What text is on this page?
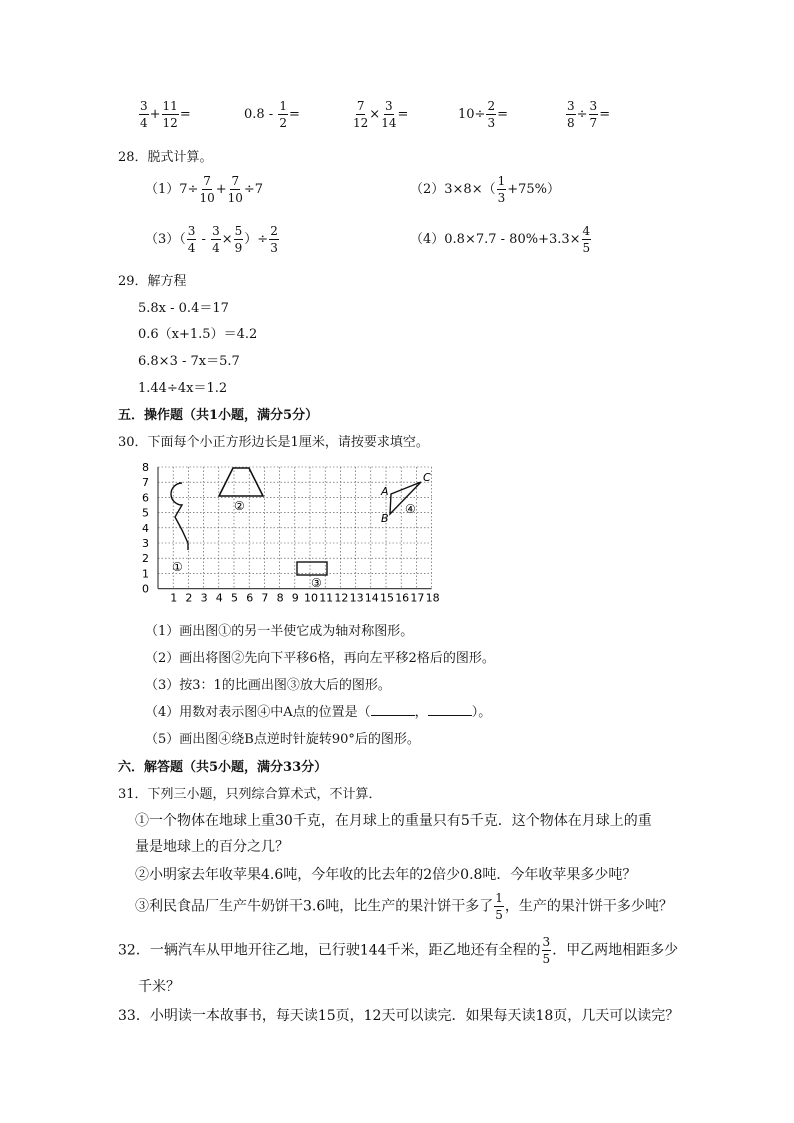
$\frac{3}{4} + \frac{11}{12}$ =	$0.8 - \frac{1}{2}$ =	$\frac{7}{12} \times \frac{3}{14}$ =	$10\div \frac{2}{3}$ =	$\frac{3}{8} \div \frac{3}{7}$ =
28．脱式计算。
$(1)7\div \frac{7}{10} + \frac{7}{10} \div 7$	$(2)3\times 8\times( \frac{1}{3} +75\%)$
$(3)( \frac{3}{4} - \frac{3}{4} \times \frac{5}{9}$ ）÷ $\frac{2}{3}$	$(4)0.8\times 7.7 - 80\%+3.3\times \frac{4}{5}$
29．解方程
5.8x - 0.4＝17
0.6（x+1.5）＝4.2
6.8×3 - 7x＝5.7
1.44÷4x＝1.2
五．操作题（共1小题，满分5分）
30．下面每个小正方形边长是1厘米，请按要求填空。
0
1
2
3
4
5
6
7
8
1 2 3 4 5 6 7 8 9 10 11 12 13 14 15 16 17 18
①
②
③
A
B
C
④
（1）画出图①的另一半使它成为轴对称图形。
（2）画出将图②先向下平移6格，再向左平移2格后的图形。
（3）按3：1的比画出图③放大后的图形。
（4）用数对表示图④中A点的位置是（	，	）。
（5）画出图④绕B点逆时针旋转90°后的图形。
六．解答题（共5小题，满分33分）
31．下列三小题，只列综合算术式，不计算．
①一个物体在地球上重30千克，在月球上的重量只有5千克．这个物体在月球上的重
量是地球上的百分之几？
②小明家去年收苹果4.6吨，今年收的比去年的2倍少0.8吨．今年收苹果多少吨？
③利民食品厂生产牛奶饼干3.6吨，比生产的果汁饼干多了 $\frac{1}{5}$ ，生产的果汁饼干多少吨？
32．一辆汽车从甲地开往乙地，已行驶144千米，距乙地还有全程的 $\frac{3}{5}$ ．甲乙两地相距多少
千米？
33．小明读一本故事书，每天读15页，12天可以读完．如果每天读18页，几天可以读完？
